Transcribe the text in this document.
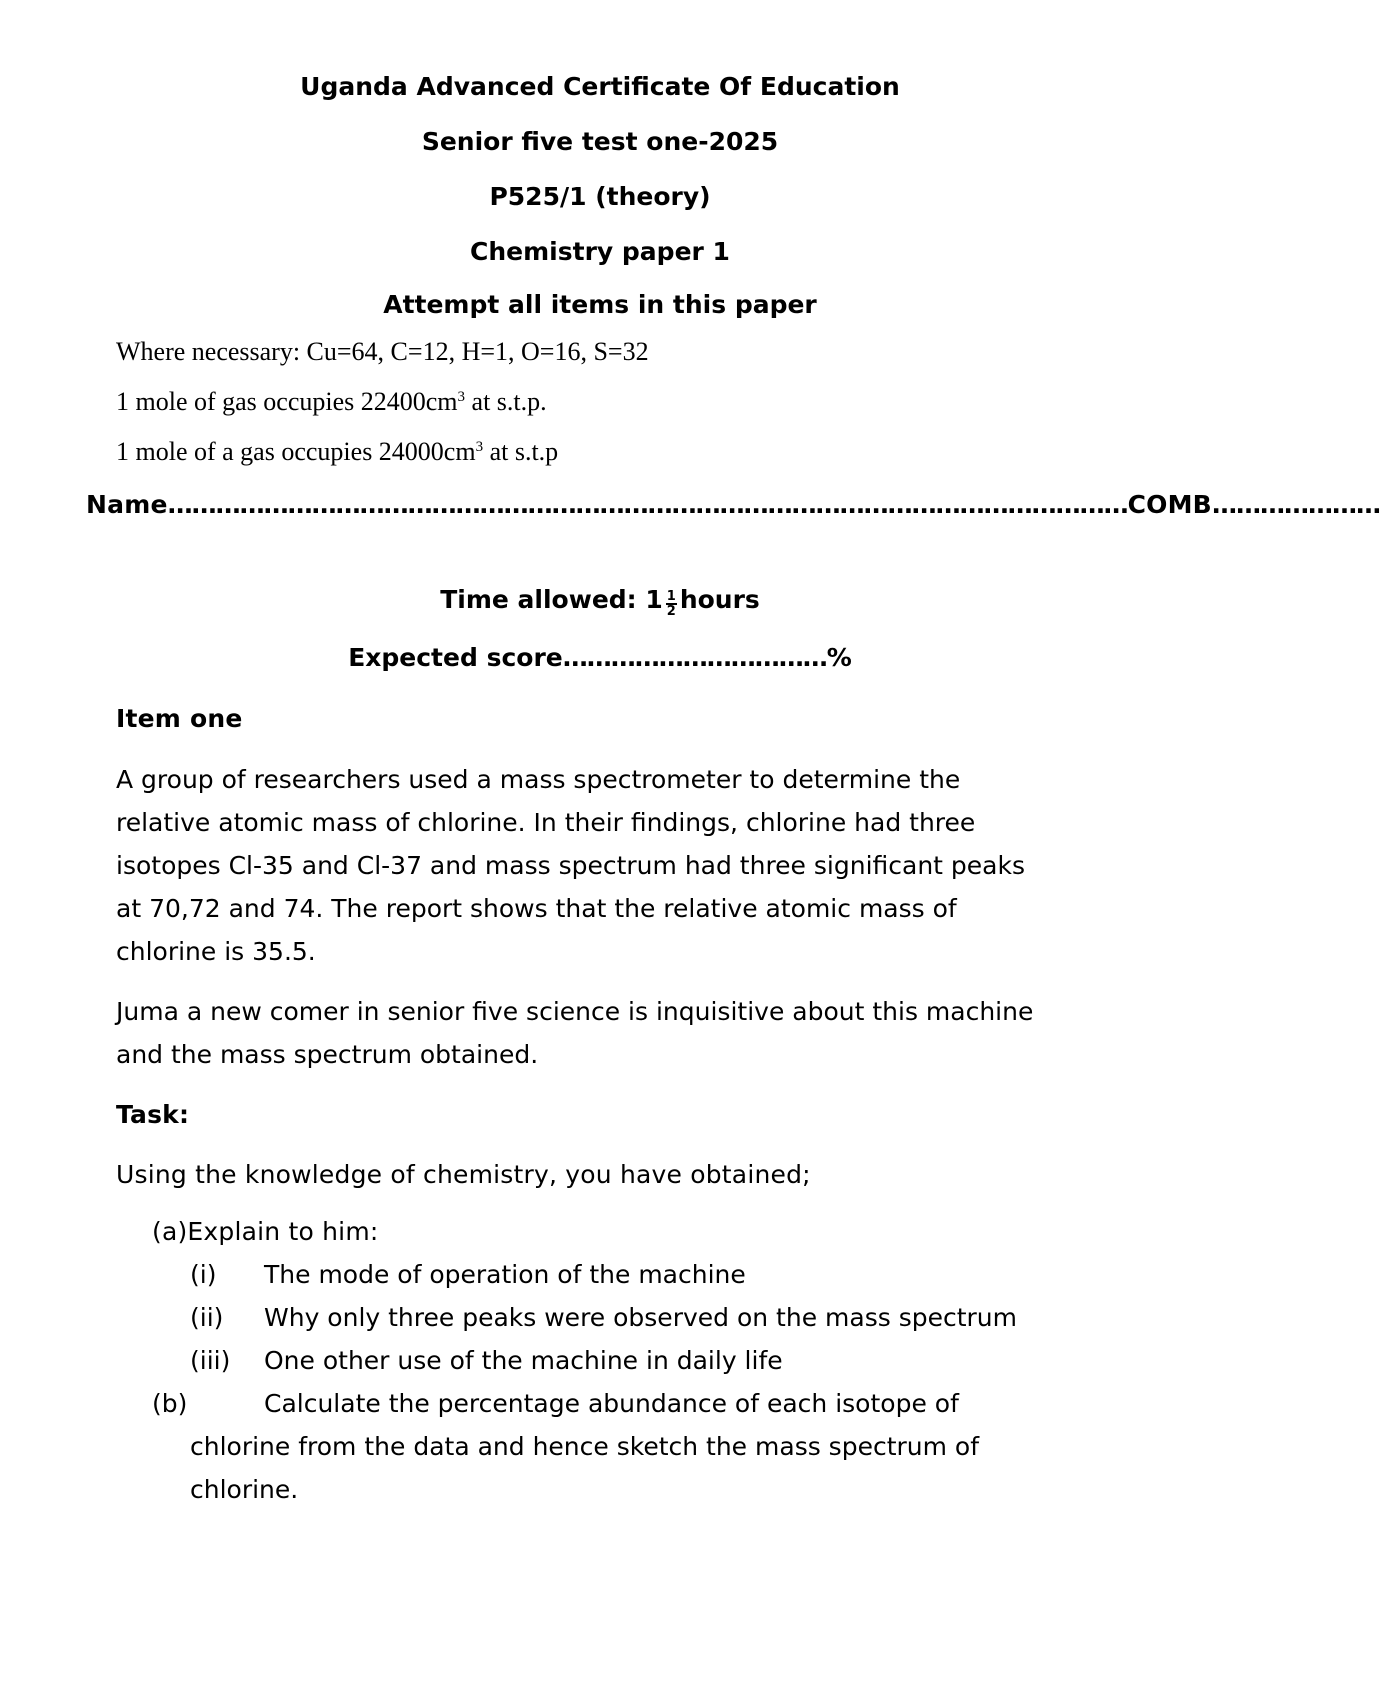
Uganda Advanced Certificate Of Education
Senior five test one-2025
P525/1 (theory)
Chemistry paper 1
Attempt all items in this paper
Where necessary: Cu=64, C=12, H=1, O=16, S=32
1 mole of gas occupies $22400cm^3$ at s.t.p.
1 mole of a gas occupies $24000cm^3$ at s.t.p
Name…………………………………………………………………………………………………………COMB…………………
Time allowed: $1 \frac{1}{2}$ hours
Expected score……………………………%
Item one
A group of researchers used a mass spectrometer to determine the
relative atomic mass of chlorine. In their findings, chlorine had three
isotopes Cl-35 and Cl-37 and mass spectrum had three significant peaks
at 70,72 and 74. The report shows that the relative atomic mass of
chlorine is 35.5.
Juma a new comer in senior five science is inquisitive about this machine
and the mass spectrum obtained.
Task:
Using the knowledge of chemistry, you have obtained;
(a)Explain to him:
(i) The mode of operation of the machine
(ii) Why only three peaks were observed on the mass spectrum
(iii) One other use of the machine in daily life
(b)	Calculate the percentage abundance of each isotope of
chlorine from the data and hence sketch the mass spectrum of
chlorine.
